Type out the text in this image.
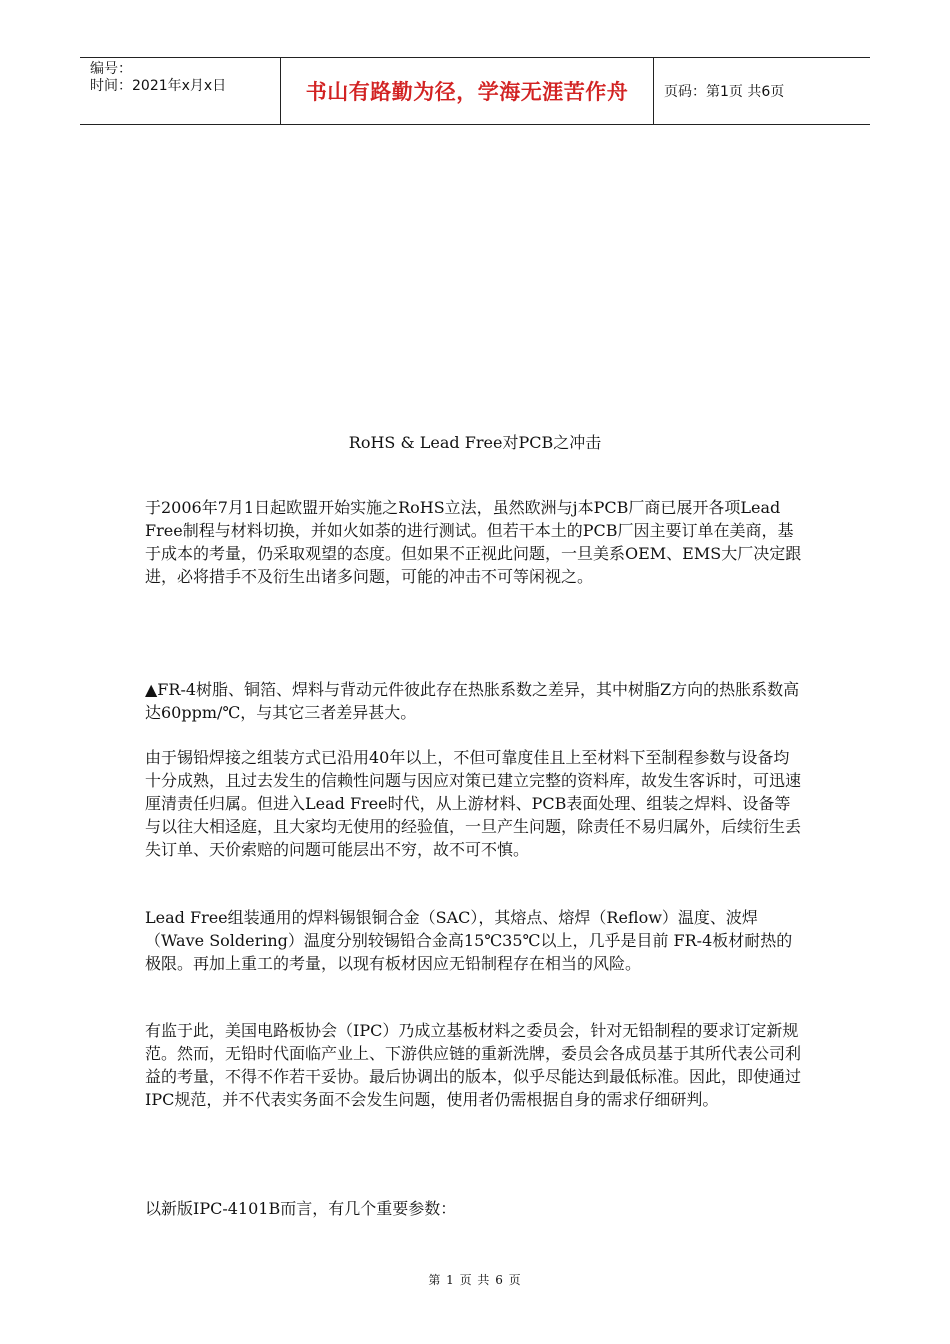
编号：
时间：2021年x月x日	书山有路勤为径，学海无涯苦作舟	页码：第1页 共6页
RoHS & Lead Free对PCB之冲击

于2006年7月1日起欧盟开始实施之RoHS立法，虽然欧洲与j本PCB厂商已展开各项Lead Free制程与材料切换，并如火如荼的进行测试。但若干本土的PCB厂因主要订单在美商，基于成本的考量，仍采取观望的态度。但如果不正视此问题，一旦美系OEM、EMS大厂决定跟进，必将措手不及衍生出诸多问题，可能的冲击不可等闲视之。

▲FR-4树脂、铜箔、焊料与背动元件彼此存在热胀系数之差异，其中树脂Z方向的热胀系数高达60ppm/℃，与其它三者差异甚大。

由于锡铅焊接之组装方式已沿用40年以上，不但可靠度佳且上至材料下至制程参数与设备均十分成熟，且过去发生的信赖性问题与因应对策已建立完整的资料库，故发生客诉时，可迅速厘清责任归属。但进入Lead Free时代，从上游材料、PCB表面处理、组装之焊料、设备等与以往大相迳庭，且大家均无使用的经验值，一旦产生问题，除责任不易归属外，后续衍生丢失订单、天价索赔的问题可能层出不穷，故不可不慎。

Lead Free组装通用的焊料锡银铜合金（SAC），其熔点、熔焊（Reflow）温度、波焊（Wave Soldering）温度分别较锡铅合金高15℃35℃以上，几乎是目前 FR-4板材耐热的极限。再加上重工的考量，以现有板材因应无铅制程存在相当的风险。

有监于此，美国电路板协会（IPC）乃成立基板材料之委员会，针对无铅制程的要求订定新规范。然而，无铅时代面临产业上、下游供应链的重新洗牌，委员会各成员基于其所代表公司利益的考量，不得不作若干妥协。最后协调出的版本，似乎尽能达到最低标准。因此，即使通过 IPC规范，并不代表实务面不会发生问题，使用者仍需根据自身的需求仔细研判。

以新版IPC-4101B而言，有几个重要参数：

第 1 页 共 6 页
